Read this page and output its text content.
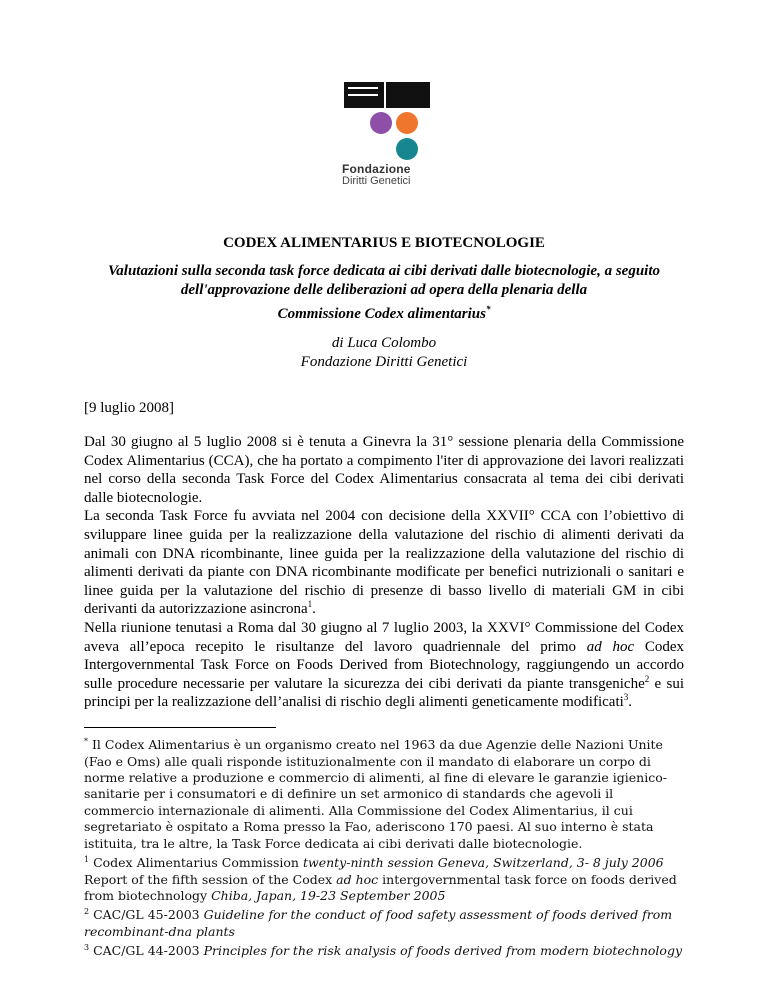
Fondazione
Diritti Genetici
CODEX ALIMENTARIUS E BIOTECNOLOGIE
Valutazioni sulla seconda task force dedicata ai cibi derivati dalle biotecnologie, a seguito
dell'approvazione delle deliberazioni ad opera della plenaria della
Commissione Codex alimentarius*
di Luca Colombo
Fondazione Diritti Genetici
[9 luglio 2008]
Dal 30 giugno al 5 luglio 2008 si è tenuta a Ginevra la 31° sessione plenaria della Commissione Codex Alimentarius (CCA), che ha portato a compimento l'iter di approvazione dei lavori realizzati nel corso della seconda Task Force del Codex Alimentarius consacrata al tema dei cibi derivati dalle biotecnologie.
La seconda Task Force fu avviata nel 2004 con decisione della XXVII° CCA con l’obiettivo di sviluppare linee guida per la realizzazione della valutazione del rischio di alimenti derivati da animali con DNA ricombinante, linee guida per la realizzazione della valutazione del rischio di alimenti derivati da piante con DNA ricombinante modificate per benefici nutrizionali o sanitari e linee guida per la valutazione del rischio di presenze di basso livello di materiali GM in cibi derivanti da autorizzazione asincrona$^1$.
Nella riunione tenutasi a Roma dal 30 giugno al 7 luglio 2003, la XXVI° Commissione del Codex aveva all’epoca recepito le risultanze del lavoro quadriennale del primo ad hoc Codex Intergovernmental Task Force on Foods Derived from Biotechnology, raggiungendo un accordo sulle procedure necessarie per valutare la sicurezza dei cibi derivati da piante transgeniche$^2$ e sui principi per la realizzazione dell’analisi di rischio degli alimenti geneticamente modificati$^3$.

* Il Codex Alimentarius è un organismo creato nel 1963 da due Agenzie delle Nazioni Unite (Fao e Oms) alle quali risponde istituzionalmente con il mandato di elaborare un corpo di norme relative a produzione e commercio di alimenti, al fine di elevare le garanzie igienico-sanitarie per i consumatori e di definire un set armonico di standards che agevoli il commercio internazionale di alimenti. Alla Commissione del Codex Alimentarius, il cui segretariato è ospitato a Roma presso la Fao, aderiscono 170 paesi. Al suo interno è stata istituita, tra le altre, la Task Force dedicata ai cibi derivati dalle biotecnologie.

$^1$ Codex Alimentarius Commission twenty-ninth session Geneva, Switzerland, 3- 8 july 2006 Report of the fifth session of the Codex ad hoc intergovernmental task force on foods derived from biotechnology Chiba, Japan, 19-23 September 2005

$^2$ CAC/GL 45-2003 Guideline for the conduct of food safety assessment of foods derived from recombinant-dna plants

$^3$ CAC/GL 44-2003 Principles for the risk analysis of foods derived from modern biotechnology
